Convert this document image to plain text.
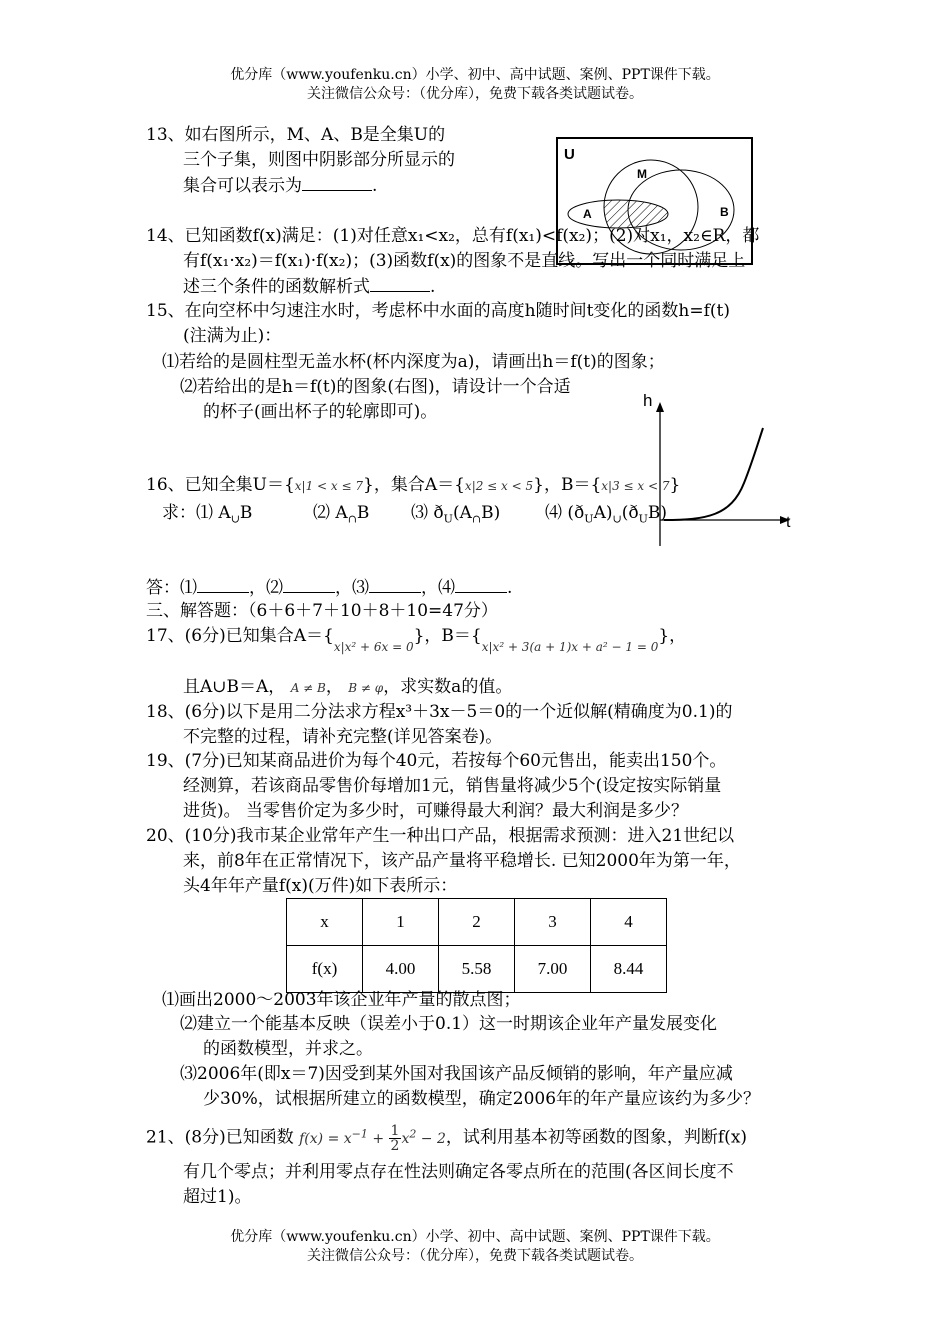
优分库（www.youfenku.cn）小学、初中、高中试题、案例、PPT课件下载。
关注微信公众号：（优分库），免费下载各类试题试卷。
13、如右图所示，M、A、B是全集U的
三个子集，则图中阴影部分所显示的
集合可以表示为	.
U
M
A	B
14、已知函数f(x)满足：(1)对任意x₁<x₂，总有f(x₁)<f(x₂)；(2)对x₁，x₂∈R，都
有f(x₁·x₂)＝f(x₁)·f(x₂)；(3)函数f(x)的图象不是直线。写出一个同时满足上
述三个条件的函数解析式	.
15、在向空杯中匀速注水时，考虑杯中水面的高度h随时间t变化的函数h=f(t)
(注满为止)：
⑴若给的是圆柱型无盖水杯(杯内深度为a)，请画出h＝f(t)的图象；
⑵若给出的是h＝f(t)的图象(右图)，请设计一个合适
的杯子(画出杯子的轮廓即可)。
h
t
16、已知全集U＝{x|1 < x ≤ 7}，集合A＝{x|2 ≤ x < 5}，B＝{x|3 ≤ x < 7}
求：⑴ $A_\cup B$	⑵ $A_\cap B$ ⑶ $ð_U(A_\cap B)$	⑷ $(ð_UA)_\cup(ð_UB)$
答：⑴	，⑵	，⑶	，⑷	.
三、解答题：（6＋6＋7＋10＋8＋10=47分）
17、(6分)已知集合$A=\{_{x|x^2 + 6x = 0}\}$，$B=\{_{x|x^2 + 3(a + 1)x + a^2 - 1 = 0}\}$，
且A∪B＝A， A ≠ B， B ≠ φ，求实数a的值。
18、(6分)以下是用二分法求方程x³＋3x－5＝0的一个近似解(精确度为0.1)的
不完整的过程，请补充完整(详见答案卷)。
19、(7分)已知某商品进价为每个40元，若按每个60元售出，能卖出150个。
经测算，若该商品零售价每增加1元，销售量将减少5个(设定按实际销量
进货)。 当零售价定为多少时，可赚得最大利润？最大利润是多少？
20、(10分)我市某企业常年产生一种出口产品，根据需求预测：进入21世纪以
来，前8年在正常情况下，该产品产量将平稳增长. 已知2000年为第一年，
头4年年产量f(x)(万件)如下表所示：
x	1	2	3	4
f(x)	4.00	5.58	7.00	8.44
⑴画出2000～2003年该企业年产量的散点图；
⑵建立一个能基本反映（误差小于0.1）这一时期该企业年产量发展变化
的函数模型，并求之。
⑶2006年(即x＝7)因受到某外国对我国该产品反倾销的影响，年产量应减
少30%，试根据所建立的函数模型，确定2006年的年产量应该约为多少？
21、(8分)已知函数 $f(x) = x^{-1} + \frac{1}{2} x^2 - 2$，试利用基本初等函数的图象，判断f(x)
有几个零点；并利用零点存在性法则确定各零点所在的范围(各区间长度不
超过1)。
优分库（www.youfenku.cn）小学、初中、高中试题、案例、PPT课件下载。
关注微信公众号：（优分库），免费下载各类试题试卷。
